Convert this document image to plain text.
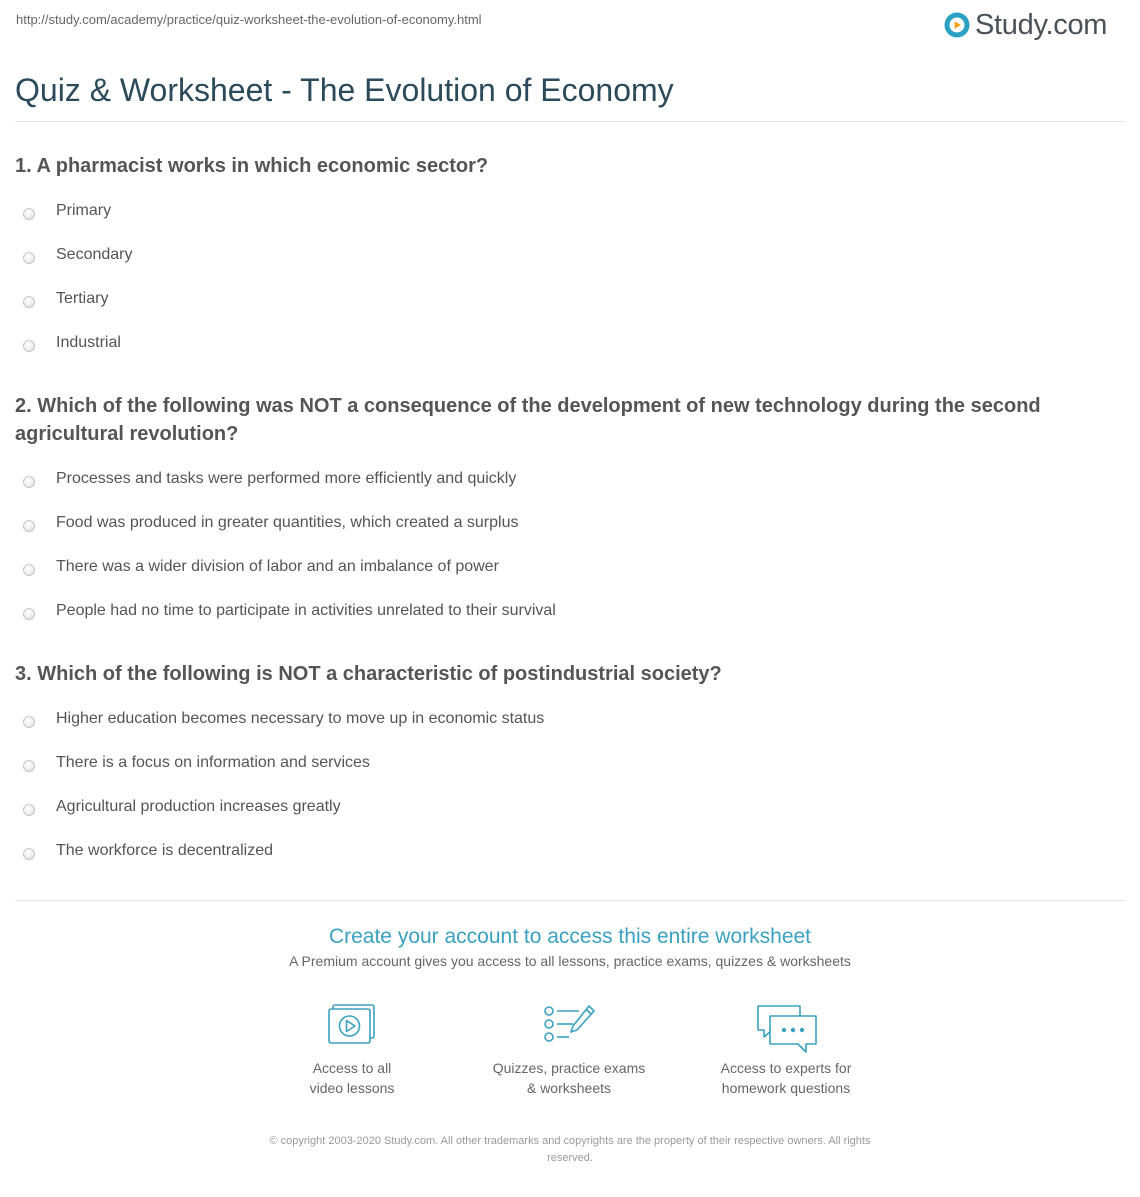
http://study.com/academy/practice/quiz-worksheet-the-evolution-of-economy.html	Study.com
Quiz & Worksheet - The Evolution of Economy

1. A pharmacist works in which economic sector?

Primary
Secondary
Tertiary
Industrial

2. Which of the following was NOT a consequence of the development of new technology during the second agricultural revolution?

Processes and tasks were performed more efficiently and quickly
Food was produced in greater quantities, which created a surplus
There was a wider division of labor and an imbalance of power
People had no time to participate in activities unrelated to their survival

3. Which of the following is NOT a characteristic of postindustrial society?

Higher education becomes necessary to move up in economic status
There is a focus on information and services
Agricultural production increases greatly
The workforce is decentralized
Create your account to access this entire worksheet
A Premium account gives you access to all lessons, practice exams, quizzes & worksheets
Access to all
video lessons
Quizzes, practice exams
& worksheets
Access to experts for
homework questions
© copyright 2003-2020 Study.com. All other trademarks and copyrights are the property of their respective owners. All rights
reserved.
